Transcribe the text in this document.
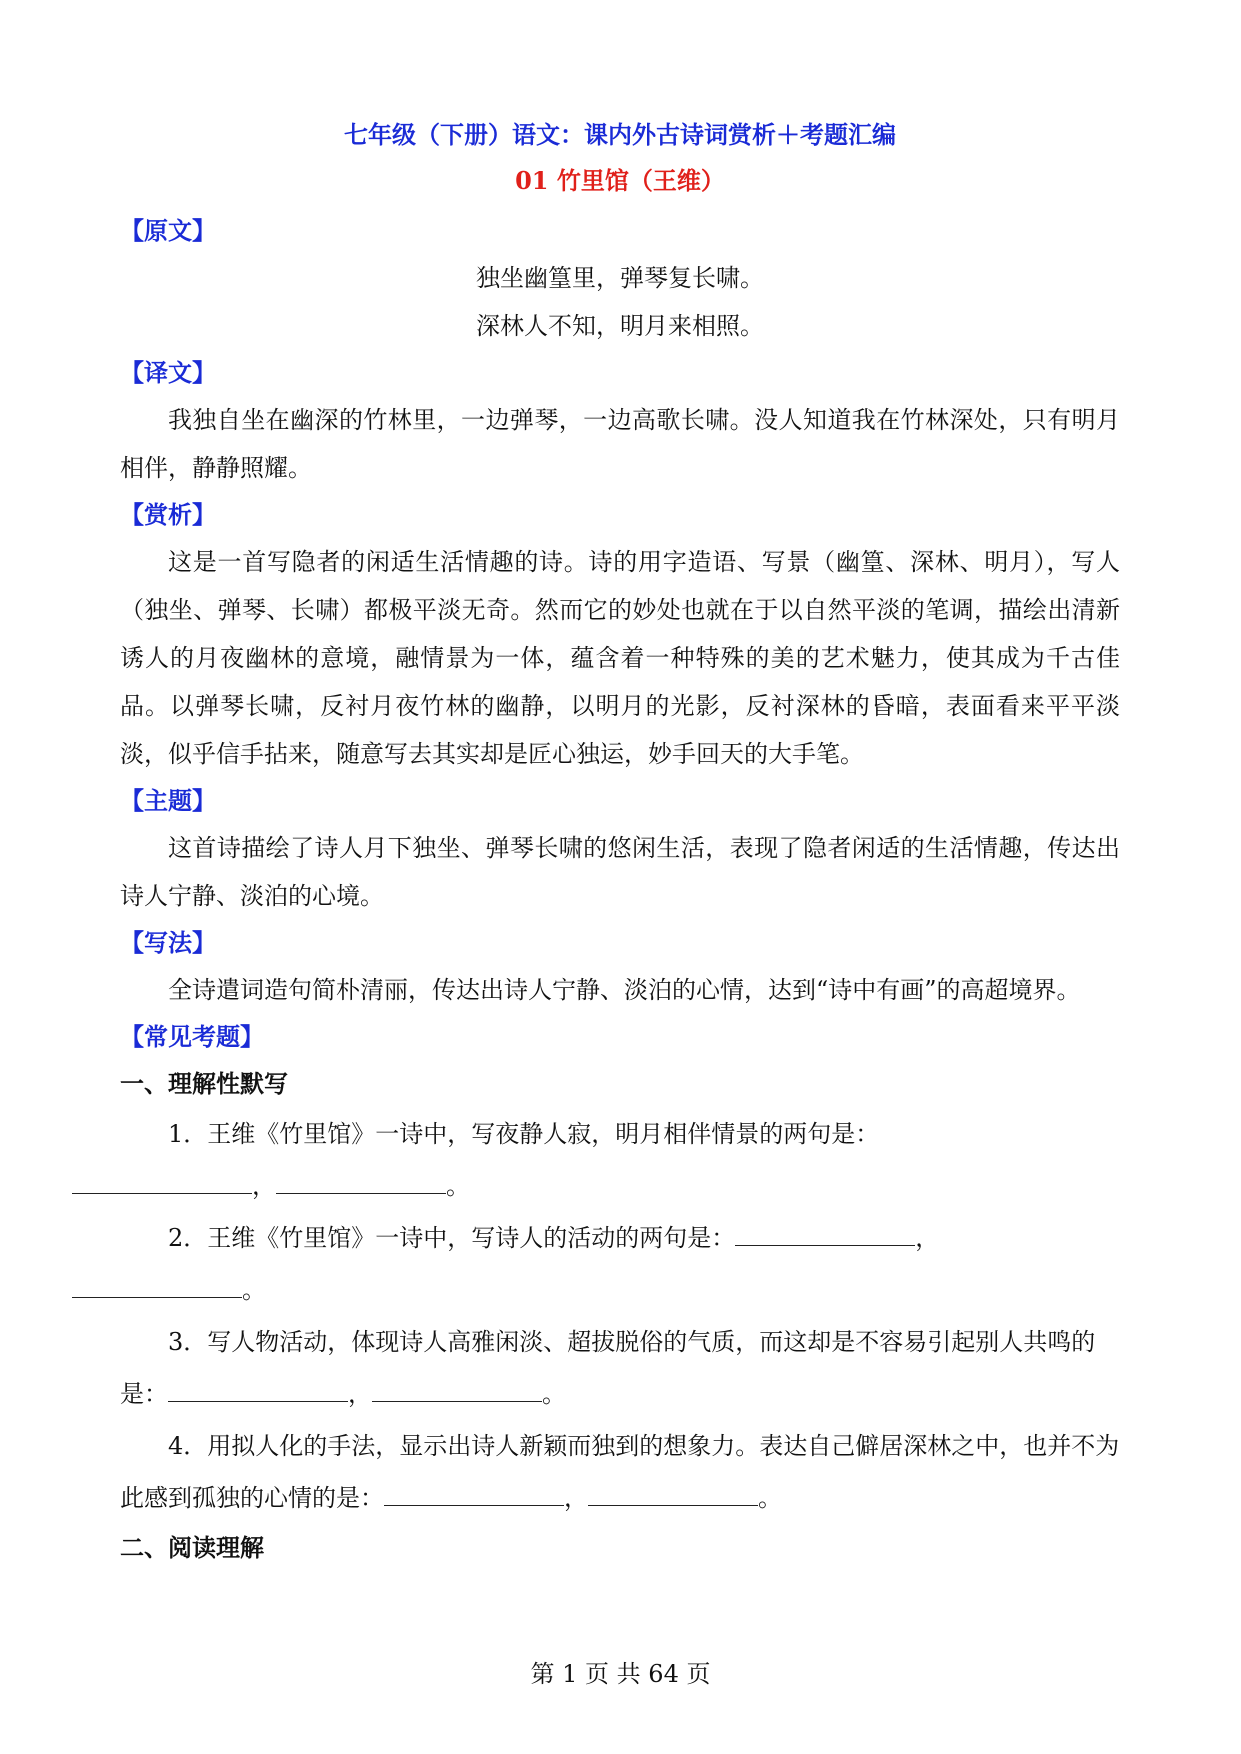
七年级（下册）语文：课内外古诗词赏析＋考题汇编
01 竹里馆（王维）
【原文】
独坐幽篁里，弹琴复长啸。
深林人不知，明月来相照。
【译文】
我独自坐在幽深的竹林里，一边弹琴，一边高歌长啸。没人知道我在竹林深处，只有明月相伴，静静照耀。
【赏析】
这是一首写隐者的闲适生活情趣的诗。诗的用字造语、写景（幽篁、深林、明月），写人（独坐、弹琴、长啸）都极平淡无奇。然而它的妙处也就在于以自然平淡的笔调，描绘出清新诱人的月夜幽林的意境，融情景为一体，蕴含着一种特殊的美的艺术魅力，使其成为千古佳品。以弹琴长啸，反衬月夜竹林的幽静，以明月的光影，反衬深林的昏暗，表面看来平平淡淡，似乎信手拈来，随意写去其实却是匠心独运，妙手回天的大手笔。
【主题】
这首诗描绘了诗人月下独坐、弹琴长啸的悠闲生活，表现了隐者闲适的生活情趣，传达出诗人宁静、淡泊的心境。
【写法】
全诗遣词造句简朴清丽，传达出诗人宁静、淡泊的心情，达到“诗中有画”的高超境界。
【常见考题】
一、理解性默写
1．王维《竹里馆》一诗中，写夜静人寂，明月相伴情景的两句是：
，	。
2．王维《竹里馆》一诗中，写诗人的活动的两句是：	，
。
3．写人物活动，体现诗人高雅闲淡、超拔脱俗的气质，而这却是不容易引起别人共鸣的是：	，	。
4．用拟人化的手法，显示出诗人新颖而独到的想象力。表达自己僻居深林之中，也并不为此感到孤独的心情的是：	，	。
二、阅读理解
第 1 页 共 64 页
